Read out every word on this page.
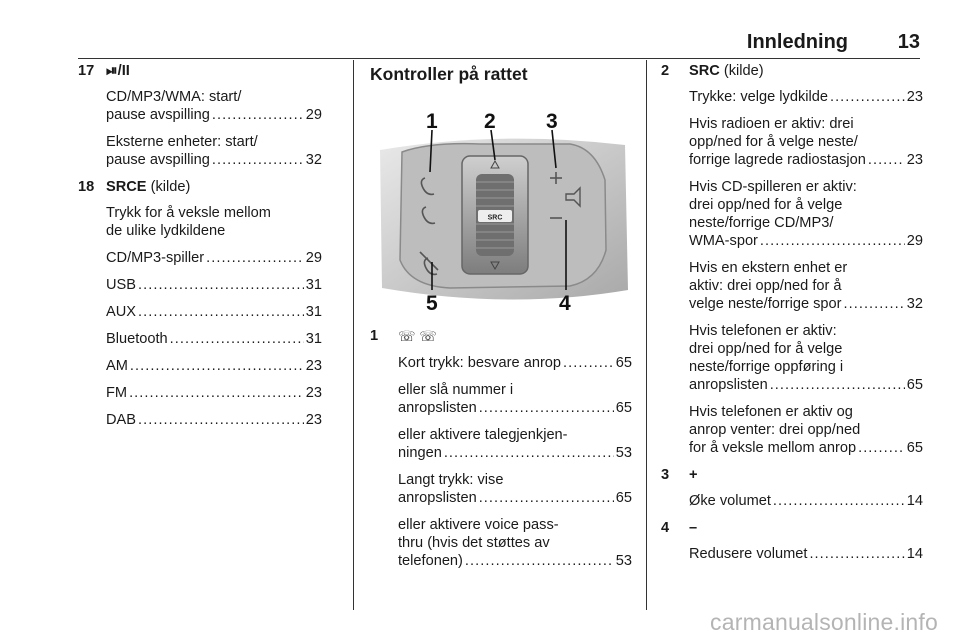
Innledning 13
17 ⏯/II
CD/MP3/WMA: start/
pause avspilling . . .	29
Eksterne enheter: start/
pause avspilling . . .	32
18 SRCE (kilde)
Trykk for å veksle mellom
de ulike lydkildene
CD/MP3-spiller . . .	29
USB . . .	31
AUX . . .	31
Bluetooth . . .	31
AM . . .	23
FM . . .	23
DAB . . .	23
Kontroller på rattet
SRC
1 2 3
4
5
1 ☏ ☏
Kort trykk: besvare anrop . . .	65
eller slå nummer i
anropslisten . . .	65
eller aktivere talegjenkjen-
ningen . . .	53
Langt trykk: vise
anropslisten . . .	65
eller aktivere voice pass-
thru (hvis det støttes av
telefonen) . . .	53
2 SRC (kilde)
Trykke: velge lydkilde . . .	23
Hvis radioen er aktiv: drei
opp/ned for å velge neste/
forrige lagrede radiostasjon . . .	23
Hvis CD-spilleren er aktiv:
drei opp/ned for å velge
neste/forrige CD/MP3/
WMA-spor . . .	29
Hvis en ekstern enhet er
aktiv: drei opp/ned for å
velge neste/forrige spor . . .	32
Hvis telefonen er aktiv:
drei opp/ned for å velge
neste/forrige oppføring i
anropslisten . . .	65
Hvis telefonen er aktiv og
anrop venter: drei opp/ned
for å veksle mellom anrop . . .	65
3 +
Øke volumet . . .	14
4 –
Redusere volumet . . .	14
carmanualsonline.info
